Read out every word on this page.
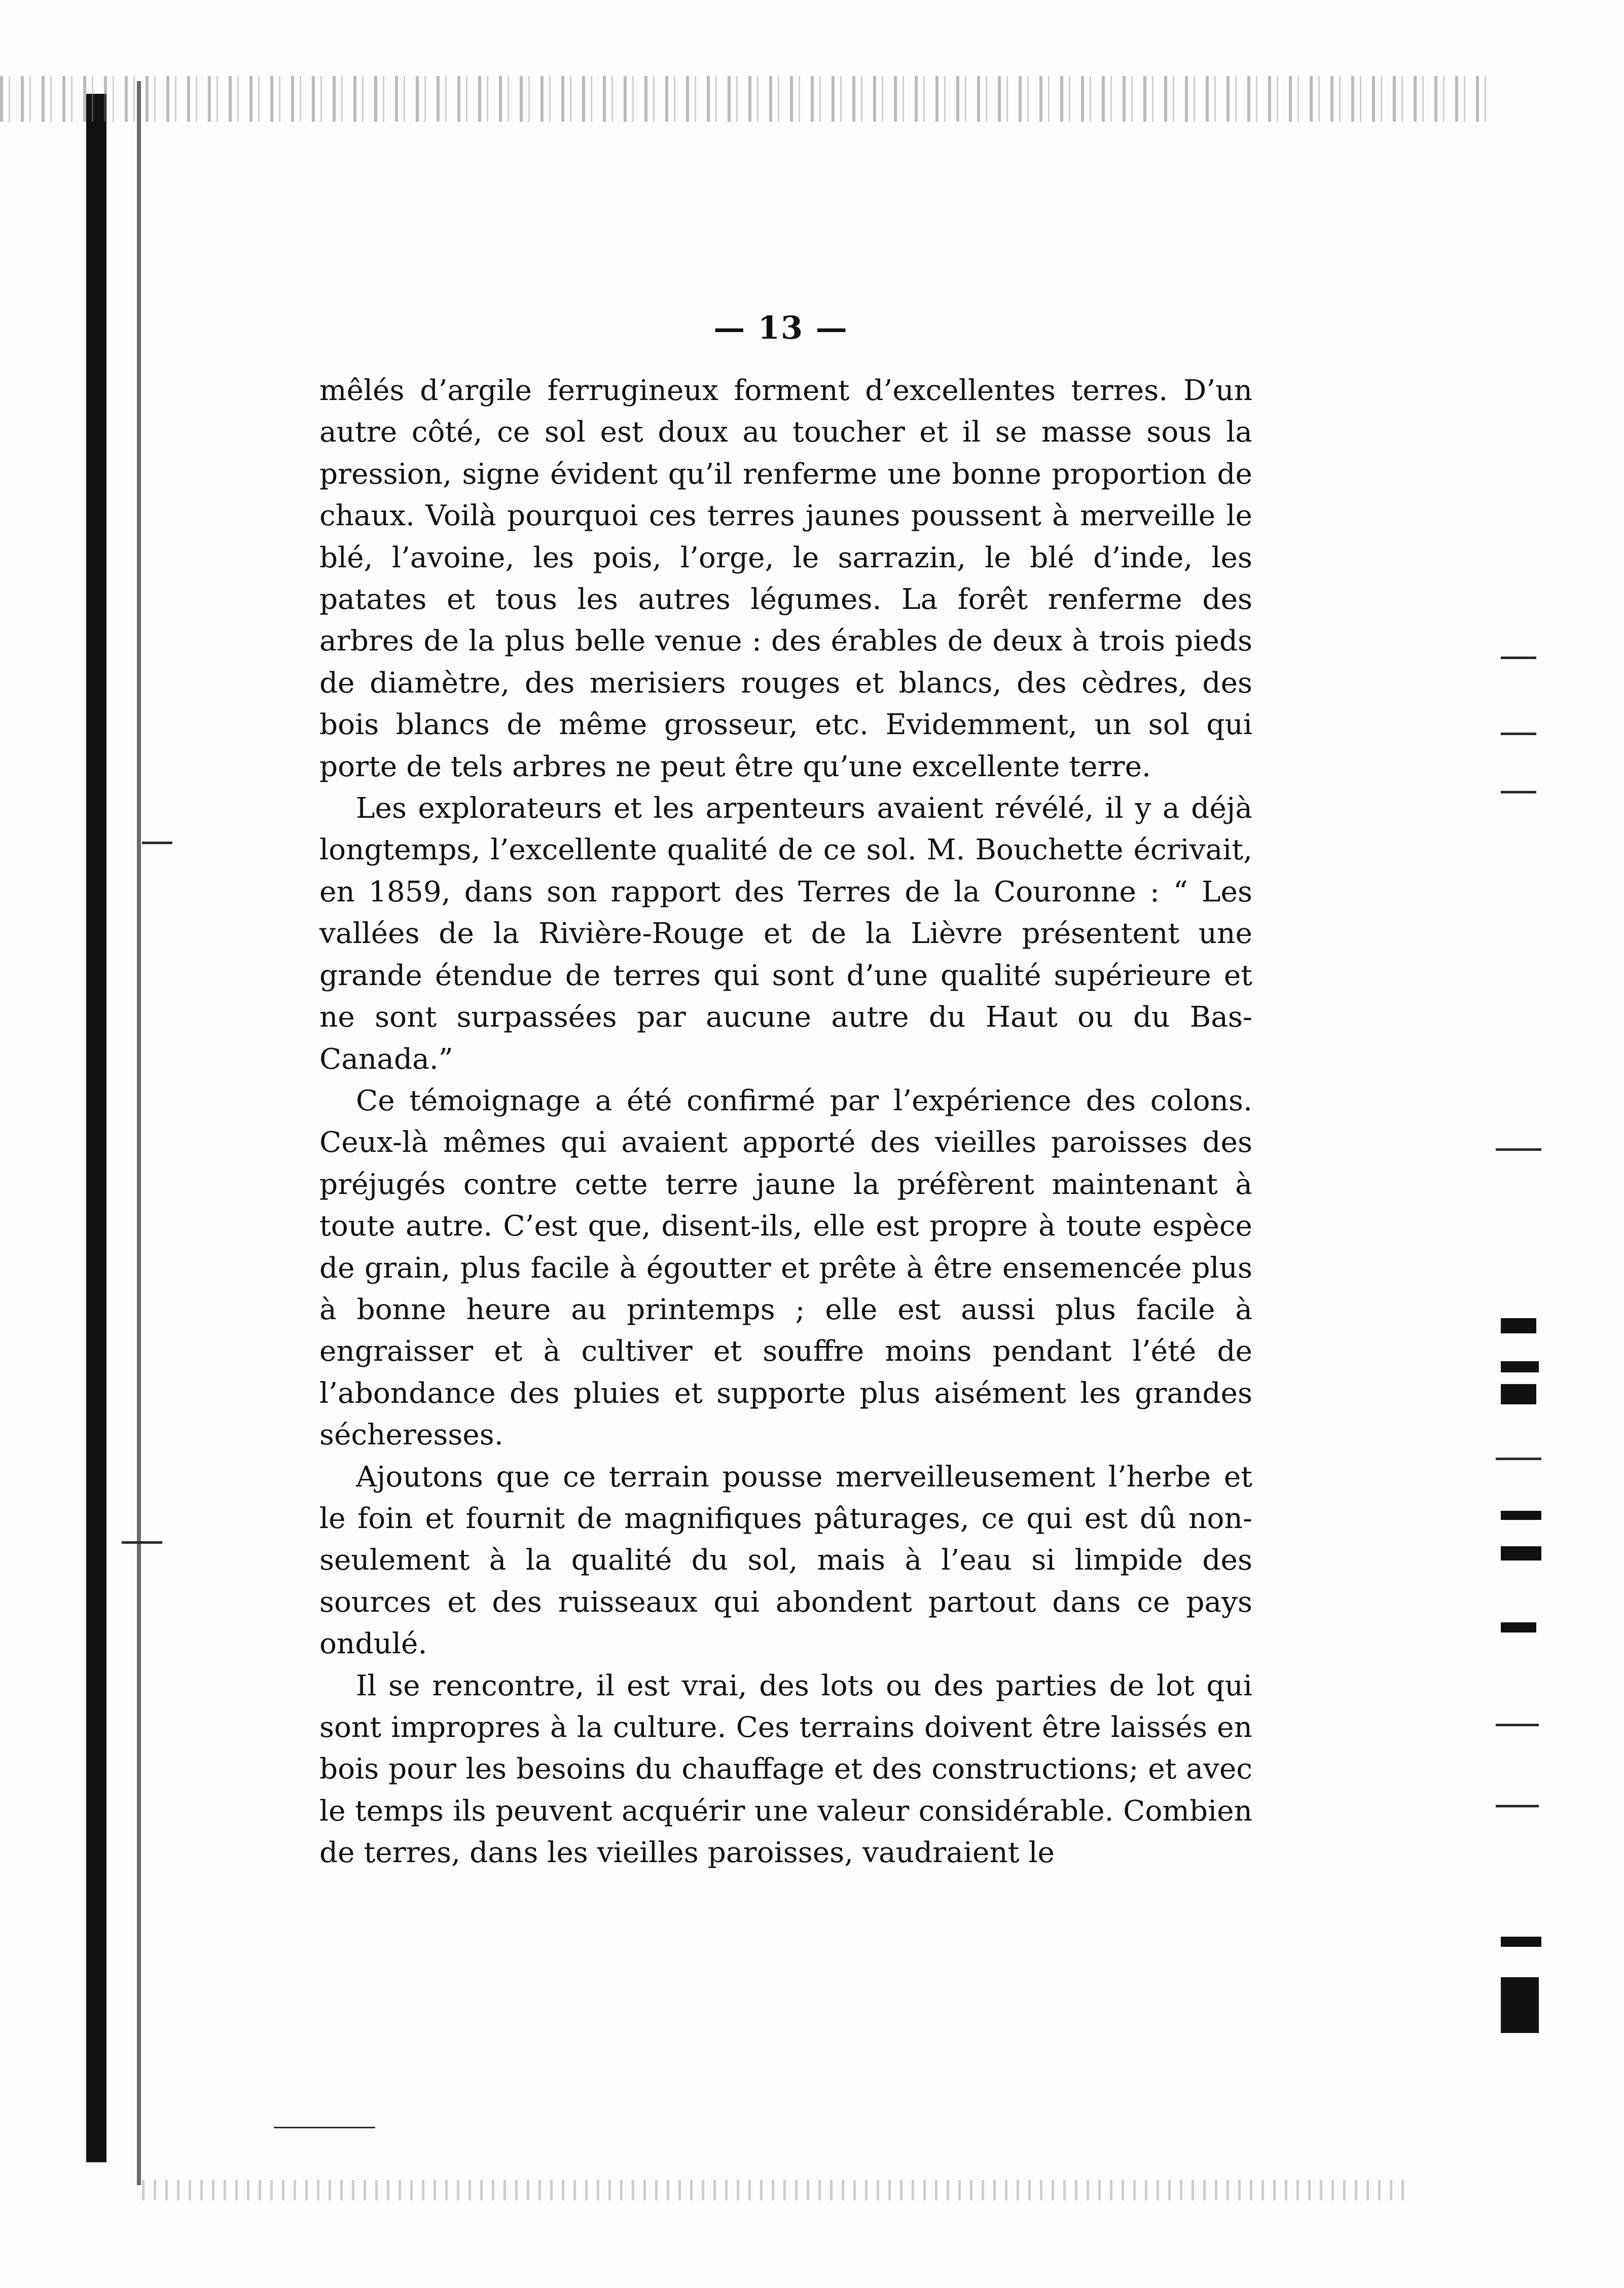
— 13 —

mêlés d’argile ferrugineux forment d’excellentes terres. D’un autre côté, ce sol est doux au toucher et il se masse sous la pression, signe évident qu’il renferme une bonne proportion de chaux. Voilà pourquoi ces terres jaunes poussent à merveille le blé, l’avoine, les pois, l’orge, le sarrazin, le blé d’inde, les patates et tous les autres légumes. La forêt renferme des arbres de la plus belle venue : des érables de deux à trois pieds de diamètre, des merisiers rouges et blancs, des cèdres, des bois blancs de même grosseur, etc. Evidemment, un sol qui porte de tels arbres ne peut être qu’une excellente terre.

Les explorateurs et les arpenteurs avaient révélé, il y a déjà longtemps, l’excellente qualité de ce sol. M. Bouchette écrivait, en 1859, dans son rapport des Terres de la Couronne : “ Les vallées de la Rivière-Rouge et de la Lièvre présentent une grande étendue de terres qui sont d’une qualité supérieure et ne sont surpassées par aucune autre du Haut ou du Bas-Canada.”

Ce témoignage a été confirmé par l’expérience des colons. Ceux-là mêmes qui avaient apporté des vieilles paroisses des préjugés contre cette terre jaune la préfèrent maintenant à toute autre. C’est que, disent-ils, elle est propre à toute espèce de grain, plus facile à égoutter et prête à être ensemencée plus à bonne heure au printemps ; elle est aussi plus facile à engraisser et à cultiver et souffre moins pendant l’été de l’abondance des pluies et supporte plus aisément les grandes sécheresses.

Ajoutons que ce terrain pousse merveilleusement l’herbe et le foin et fournit de magnifiques pâturages, ce qui est dû non-seulement à la qualité du sol, mais à l’eau si limpide des sources et des ruisseaux qui abondent partout dans ce pays ondulé.

Il se rencontre, il est vrai, des lots ou des parties de lot qui sont impropres à la culture. Ces terrains doivent être laissés en bois pour les besoins du chauffage et des constructions; et avec le temps ils peuvent acquérir une valeur considérable. Combien de terres, dans les vieilles paroisses, vaudraient le
